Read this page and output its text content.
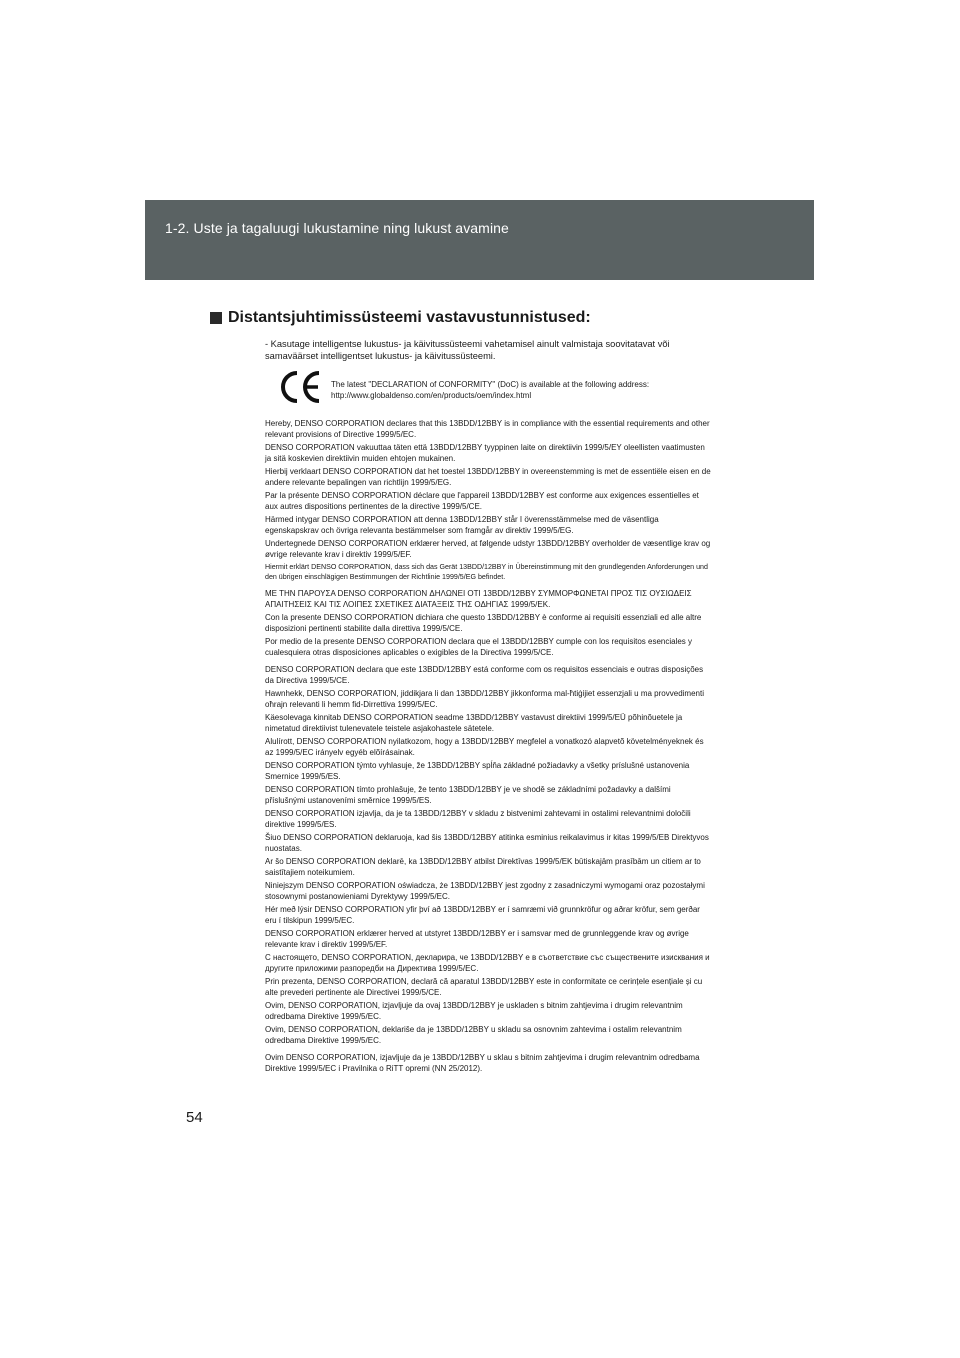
1-2. Uste ja tagaluugi lukustamine ning lukust avamine
Distantsjuhtimissüsteemi vastavustunnistused:
- Kasutage intelligentse lukustus- ja käivitussüsteemi vahetamisel ainult valmistaja soovitatavat või samaväärset intelligentset lukustus- ja käivitussüsteemi.
The latest "DECLARATION of CONFORMITY" (DoC) is available at the following address:
http://www.globaldenso.com/en/products/oem/index.html

Hereby, DENSO CORPORATION declares that this 13BDD/12BBY is in compliance with the essential requirements and other relevant provisions of Directive 1999/5/EC.

DENSO CORPORATION vakuuttaa täten että 13BDD/12BBY tyyppinen laite on direktiivin 1999/5/EY oleellisten vaatimusten ja sitä koskevien direktiivin muiden ehtojen mukainen.

Hierbij verklaart DENSO CORPORATION dat het toestel 13BDD/12BBY in overeenstemming is met de essentiële eisen en de andere relevante bepalingen van richtlijn 1999/5/EG.

Par la présente DENSO CORPORATION déclare que l'appareil 13BDD/12BBY est conforme aux exigences essentielles et aux autres dispositions pertinentes de la directive 1999/5/CE.

Härmed intygar DENSO CORPORATION att denna 13BDD/12BBY står I överensstämmelse med de väsentliga egenskapskrav och övriga relevanta bestämmelser som framgår av direktiv 1999/5/EG.

Undertegnede DENSO CORPORATION erklærer herved, at følgende udstyr 13BDD/12BBY overholder de væsentlige krav og øvrige relevante krav i direktiv 1999/5/EF.

Hiermit erklärt DENSO CORPORATION, dass sich das Gerät 13BDD/12BBY in Übereinstimmung mit den grundlegenden Anforderungen und den übrigen einschlägigen Bestimmungen der Richtlinie 1999/5/EG befindet.

ΜΕ ΤΗΝ ΠΑΡΟΥΣΑ DENSO CORPORATION ΔΗΛΩΝΕΙ ΟΤΙ 13BDD/12BBY ΣΥΜΜΟΡΦΩΝΕΤΑΙ ΠΡΟΣ ΤΙΣ ΟΥΣΙΩΔΕΙΣ ΑΠΑΙΤΗΣΕΙΣ ΚΑΙ ΤΙΣ ΛΟΙΠΕΣ ΣΧΕΤΙΚΕΣ ΔΙΑΤΑΞΕΙΣ ΤΗΣ ΟΔΗΓΙΑΣ 1999/5/ΕΚ.

Con la presente DENSO CORPORATION dichiara che questo 13BDD/12BBY è conforme ai requisiti essenziali ed alle altre disposizioni pertinenti stabilite dalla direttiva 1999/5/CE.

Por medio de la presente DENSO CORPORATION declara que el 13BDD/12BBY cumple con los requisitos esenciales y cualesquiera otras disposiciones aplicables o exigibles de la Directiva 1999/5/CE.

DENSO CORPORATION declara que este 13BDD/12BBY está conforme com os requisitos essenciais e outras disposições da Directiva 1999/5/CE.

Hawnhekk, DENSO CORPORATION, jiddikjara li dan 13BDD/12BBY jikkonforma mal-ħtiġijiet essenzjali u ma provvedimenti oħrajn relevanti li hemm fid-Dirrettiva 1999/5/EC.

Käesolevaga kinnitab DENSO CORPORATION seadme 13BDD/12BBY vastavust direktiivi 1999/5/EÜ põhinõuetele ja nimetatud direktiivist tulenevatele teistele asjakohastele sätetele.

Alulírott, DENSO CORPORATION nyilatkozom, hogy a 13BDD/12BBY megfelel a vonatkozó alapvetõ követelményeknek és az 1999/5/EC irányelv egyéb elõírásainak.

DENSO CORPORATION týmto vyhlasuje, že 13BDD/12BBY spĺňa základné požiadavky a všetky príslušné ustanovenia Smernice 1999/5/ES.

DENSO CORPORATION tímto prohlašuje, že tento 13BDD/12BBY je ve shodě se základními požadavky a dalšími příslušnými ustanoveními směrnice 1999/5/ES.

DENSO CORPORATION izjavlja, da je ta 13BDD/12BBY v skladu z bistvenimi zahtevami in ostalimi relevantnimi določili direktive 1999/5/ES.

Šiuo DENSO CORPORATION deklaruoja, kad šis 13BDD/12BBY atitinka esminius reikalavimus ir kitas 1999/5/EB Direktyvos nuostatas.

Ar šo DENSO CORPORATION deklarē, ka 13BDD/12BBY atbilst Direktīvas 1999/5/EK būtiskajām prasībām un citiem ar to saistītajiem noteikumiem.

Niniejszym DENSO CORPORATION oświadcza, że 13BDD/12BBY jest zgodny z zasadniczymi wymogami oraz pozostałymi stosownymi postanowieniami Dyrektywy 1999/5/EC.

Hér með lýsir DENSO CORPORATION yfir því að 13BDD/12BBY er í samræmi við grunnkröfur og aðrar kröfur, sem gerðar eru í tilskipun 1999/5/EC.

DENSO CORPORATION erklærer herved at utstyret 13BDD/12BBY er i samsvar med de grunnleggende krav og øvrige relevante krav i direktiv 1999/5/EF.

С настоящето, DENSO CORPORATION, декларира, че 13BDD/12BBY е в съответствие със съществените изисквания и другите приложими разпоредби на Директива 1999/5/EC.

Prin prezenta, DENSO CORPORATION, declară că aparatul 13BDD/12BBY este in conformitate ce cerințele esențiale și cu alte prevederi pertinente ale Directivei 1999/5/CE.

Ovim, DENSO CORPORATION, izjavljuje da ovaj 13BDD/12BBY je uskladen s bitnim zahtjevima i drugim relevantnim odredbama Direktive 1999/5/EC.

Ovim, DENSO CORPORATION, deklariše da je 13BDD/12BBY u skladu sa osnovnim zahtevima i ostalim relevantnim odredbama Direktive 1999/5/EC.

Ovim DENSO CORPORATION, izjavljuje da je 13BDD/12BBY u sklau s bitnim zahtjevima i drugim relevantnim odredbama Direktive 1999/5/EC i Pravilnika o RiTT opremi (NN 25/2012).

54
